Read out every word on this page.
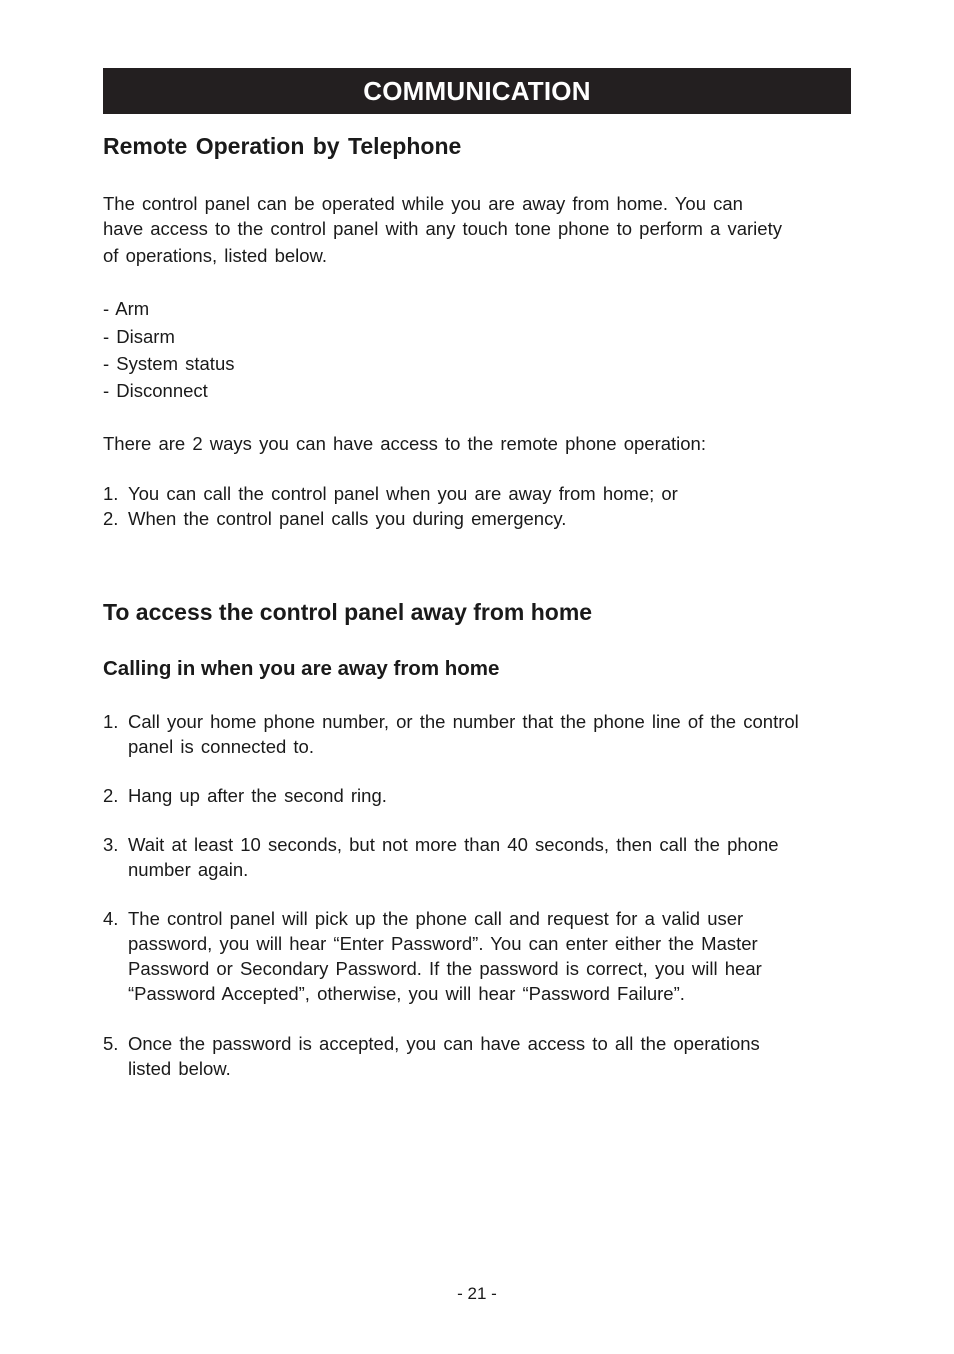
COMMUNICATION
Remote Operation by Telephone
The control panel can be operated while you are away from home. You can
have access to the control panel with any touch tone phone to perform a variety
of operations, listed below.

- Arm

- Disarm

- System status

- Disconnect

There are 2 ways you can have access to the remote phone operation:

1. You can call the control panel when you are away from home; or
2. When the control panel calls you during emergency.
To access the control panel away from home
Calling in when you are away from home
1. Call your home phone number, or the number that the phone line of the control
panel is connected to.
2. Hang up after the second ring.
3. Wait at least 10 seconds, but not more than 40 seconds, then call the phone
number again.
4. The control panel will pick up the phone call and request for a valid user
password, you will hear “Enter Password”. You can enter either the Master
Password or Secondary Password. If the password is correct, you will hear
“Password Accepted”, otherwise, you will hear “Password Failure”.
5. Once the password is accepted, you can have access to all the operations
listed below.
- 21 -
